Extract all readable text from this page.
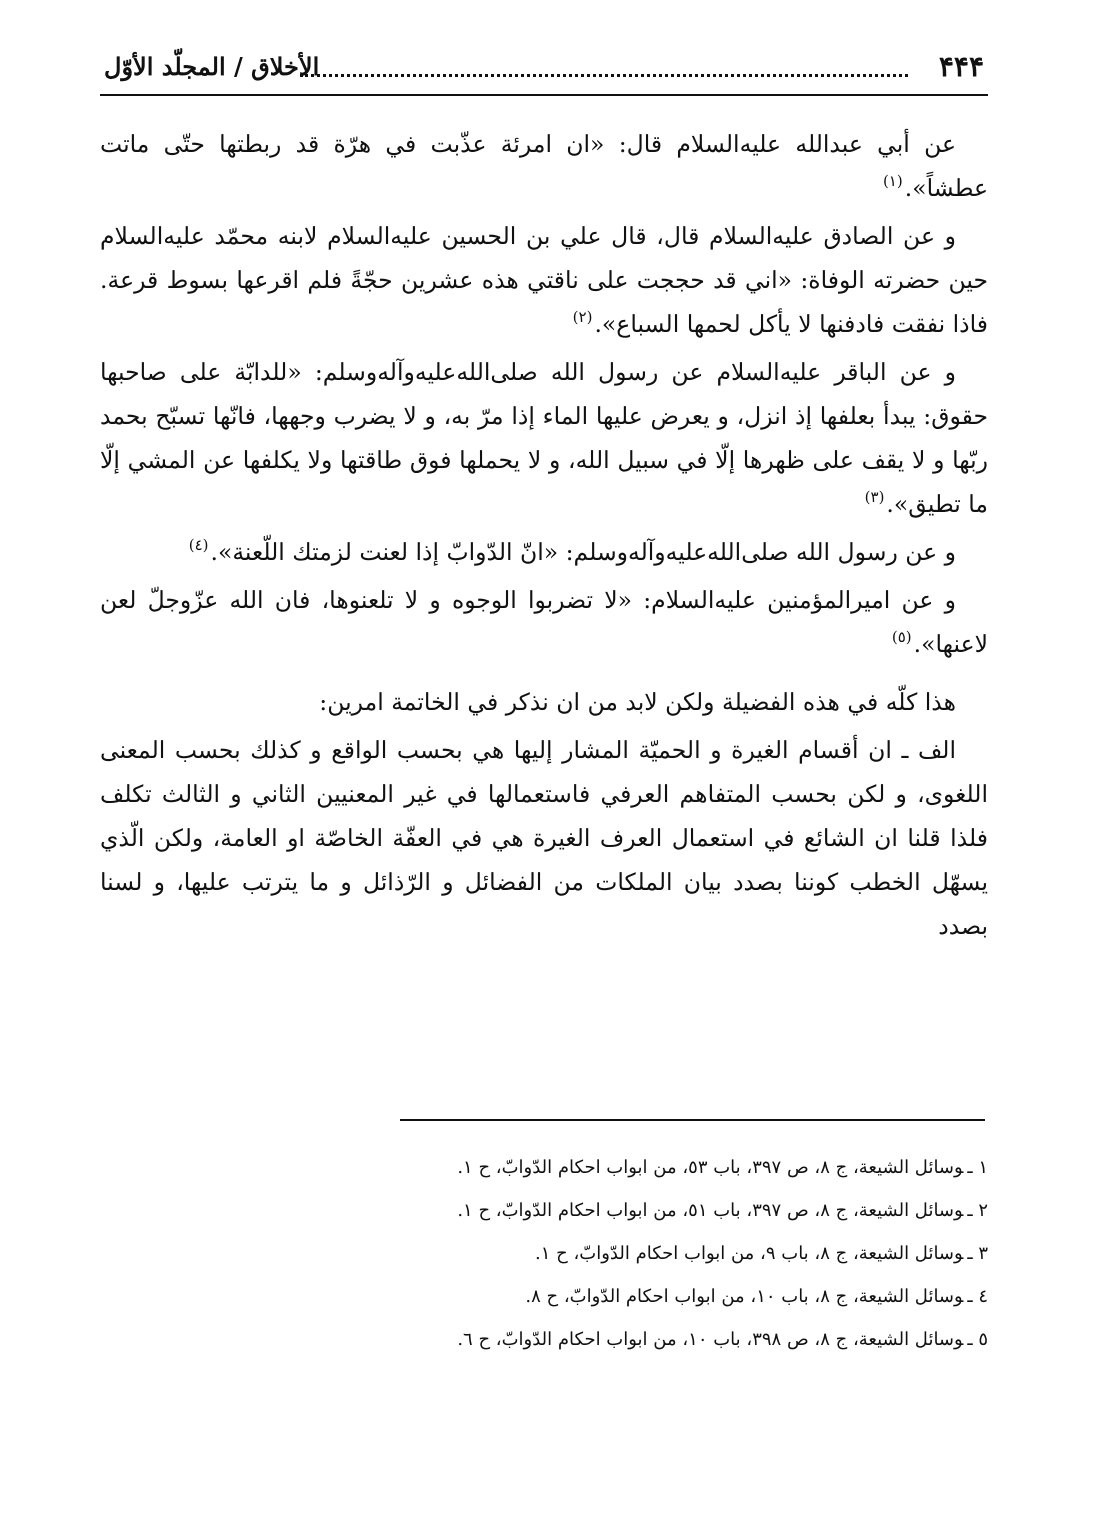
۴۴۴
الأخلاق / المجلّد الأوّل

عن أبي عبدالله عليه‌السلام قال: «ان امرئة عذّبت في هرّة قد ربطتها حتّى ماتت عطشاً».$^{(١)}$

و عن الصادق عليه‌السلام قال، قال علي بن الحسين عليه‌السلام لابنه محمّد عليه‌السلام حين حضرته الوفاة: «اني قد حججت على ناقتي هذه عشرين حجّةً فلم اقرعها بسوط قرعة. فاذا نفقت فادفنها لا يأكل لحمها السباع».$^{(٢)}$

و عن الباقر عليه‌السلام عن رسول الله صلى‌الله‌عليه‌وآله‌وسلم: «للدابّة على صاحبها حقوق: يبدأ بعلفها إذ انزل، و يعرض عليها الماء إذا مرّ به، و لا يضرب وجهها، فانّها تسبّح بحمد ربّها و لا يقف على ظهرها إلّا في سبيل الله، و لا يحملها فوق طاقتها ولا يكلفها عن المشي إلّا ما تطيق».$^{(٣)}$

و عن رسول الله صلى‌الله‌عليه‌وآله‌وسلم: «انّ الدّوابّ إذا لعنت لزمتك اللّعنة».$^{(٤)}$

و عن اميرالمؤمنين عليه‌السلام: «لا تضربوا الوجوه و لا تلعنوها، فان الله عزّوجلّ لعن لاعنها».$^{(٥)}$

هذا كلّه في هذه الفضيلة ولكن لابد من ان نذكر في الخاتمة امرين:

الف ـ ان أقسام الغيرة و الحميّة المشار إليها هي بحسب الواقع و كذلك بحسب المعنى اللغوى، و لكن بحسب المتفاهم العرفي فاستعمالها في غير المعنيين الثاني و الثالث تكلف فلذا قلنا ان الشائع في استعمال العرف الغيرة هي في العفّة الخاصّة او العامة، ولكن الّذي يسهّل الخطب كوننا بصدد بيان الملكات من الفضائل و الرّذائل و ما يترتب عليها، و لسنا بصدد

١ ـوسائل الشيعة، ج ٨، ص ٣٩٧، باب ٥٣، من ابواب احكام الدّوابّ، ح ١.
٢ ـوسائل الشيعة، ج ٨، ص ٣٩٧، باب ٥١، من ابواب احكام الدّوابّ، ح ١.
٣ ـوسائل الشيعة، ج ٨، باب ٩، من ابواب احكام الدّوابّ، ح ١.
٤ ـوسائل الشيعة، ج ٨، باب ١٠، من ابواب احكام الدّوابّ، ح ٨.
٥ ـوسائل الشيعة، ج ٨، ص ٣٩٨، باب ١٠، من ابواب احكام الدّوابّ، ح ٦.
